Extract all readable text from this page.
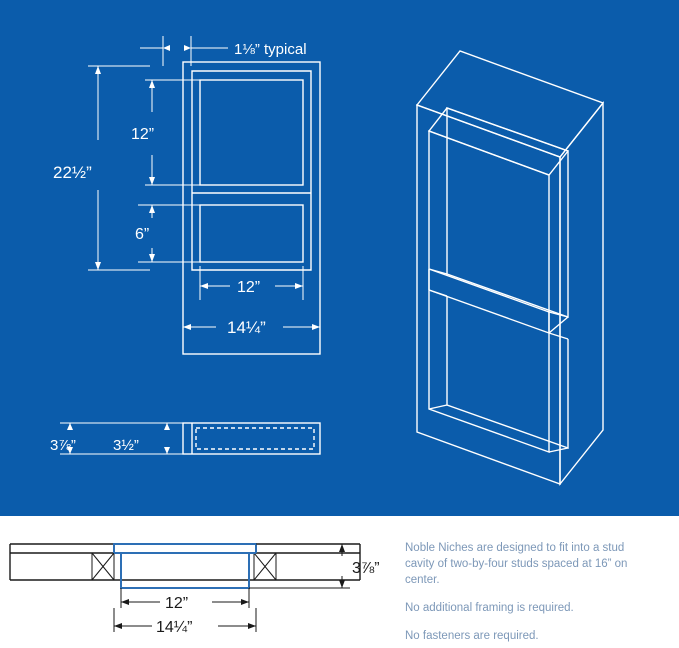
1⅛” typical
12”
6”
22½”
12”
14¼”
3⅞” 3½”
3⅞”
12”
14¼”

Noble Niches are designed to fit into a stud cavity of two-by-four studs spaced at 16” on center.

No additional framing is required.

No fasteners are required.
